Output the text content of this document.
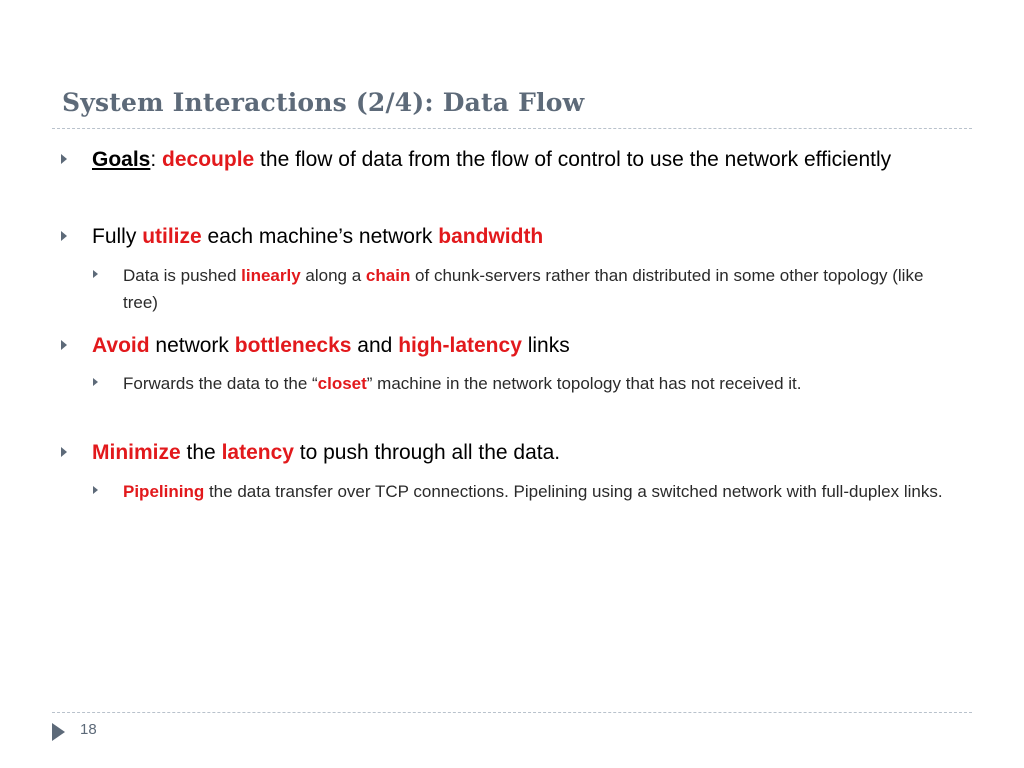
System Interactions (2/4): Data Flow
Goals: decouple the flow of data from the flow of control to use the network efficiently
Fully utilize each machine’s network bandwidth
Data is pushed linearly along a chain of chunk-servers rather than distributed in some other topology (like tree)
Avoid network bottlenecks and high-latency links
Forwards the data to the “closet” machine in the network topology that has not received it.
Minimize the latency to push through all the data.
Pipelining the data transfer over TCP connections. Pipelining using a switched network with full-duplex links.
18
